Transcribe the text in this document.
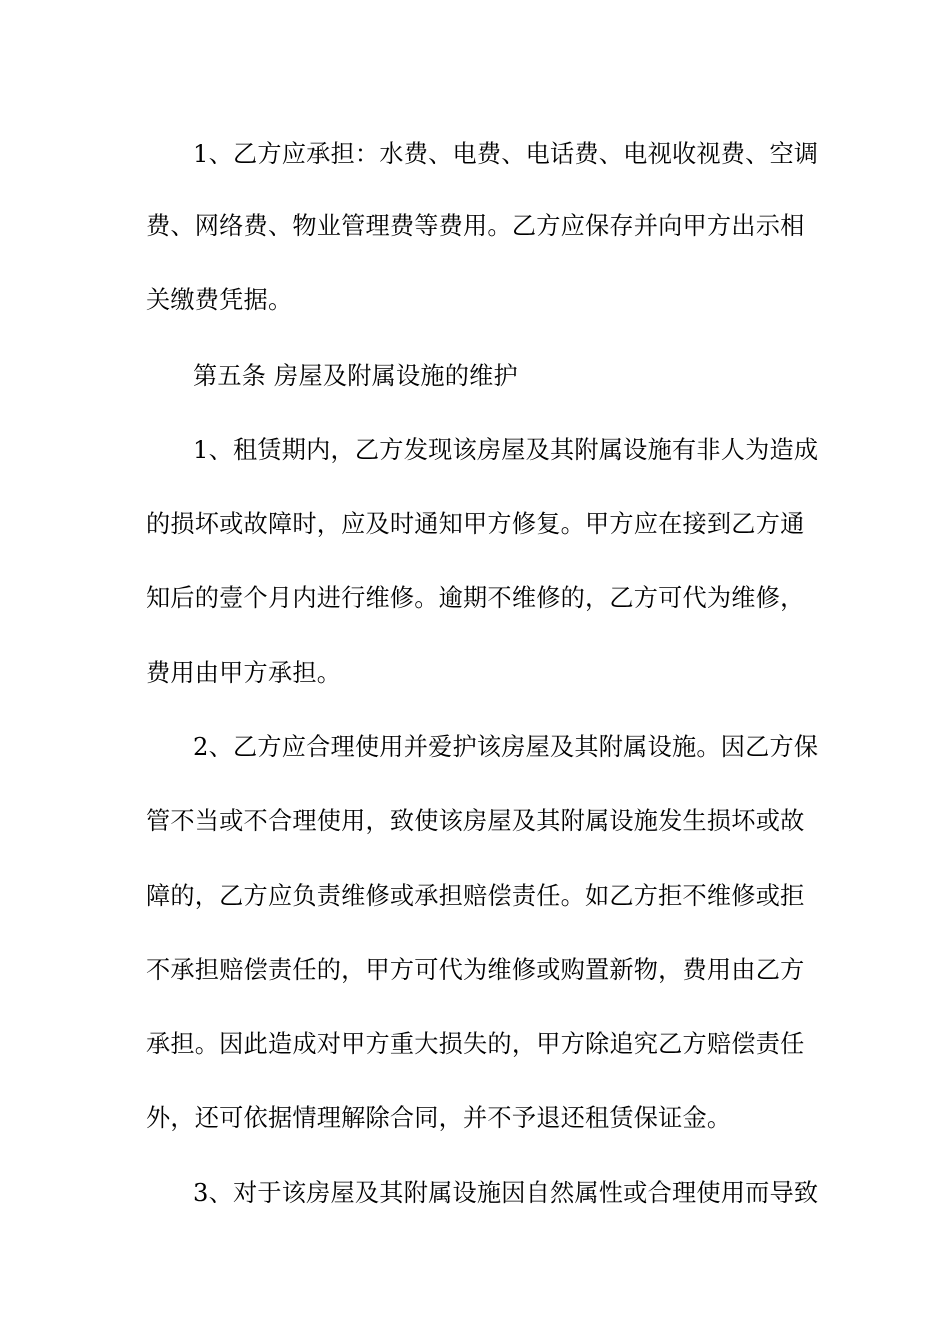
1、乙方应承担：水费、电费、电话费、电视收视费、空调
费、网络费、物业管理费等费用。乙方应保存并向甲方出示相
关缴费凭据。
第五条 房屋及附属设施的维护
1、租赁期内，乙方发现该房屋及其附属设施有非人为造成
的损坏或故障时，应及时通知甲方修复。甲方应在接到乙方通
知后的壹个月内进行维修。逾期不维修的，乙方可代为维修，
费用由甲方承担。
2、乙方应合理使用并爱护该房屋及其附属设施。因乙方保
管不当或不合理使用，致使该房屋及其附属设施发生损坏或故
障的，乙方应负责维修或承担赔偿责任。如乙方拒不维修或拒
不承担赔偿责任的，甲方可代为维修或购置新物，费用由乙方
承担。因此造成对甲方重大损失的，甲方除追究乙方赔偿责任
外，还可依据情理解除合同，并不予退还租赁保证金。
3、对于该房屋及其附属设施因自然属性或合理使用而导致
